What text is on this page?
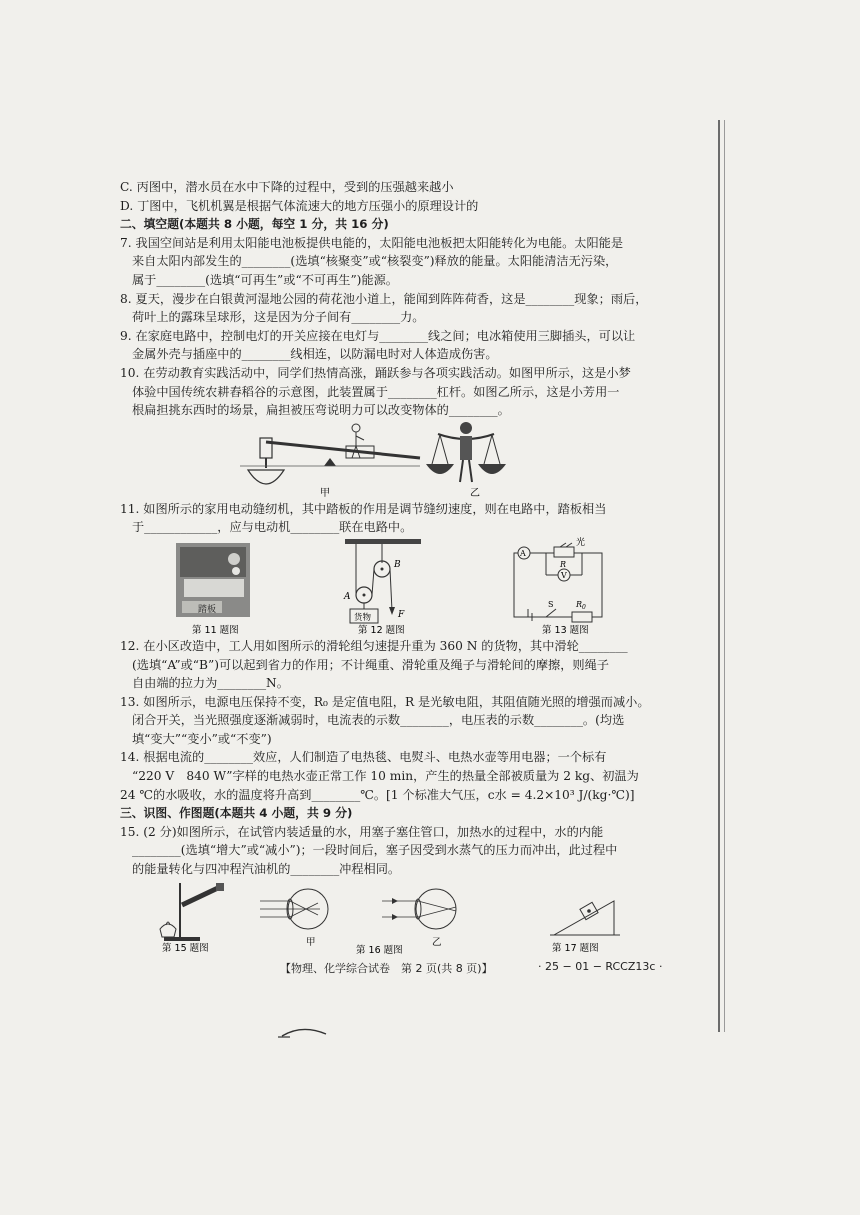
C. 丙图中，潜水员在水中下降的过程中，受到的压强越来越小
D. 丁图中，飞机机翼是根据气体流速大的地方压强小的原理设计的
二、填空题(本题共 8 小题，每空 1 分，共 16 分)
7. 我国空间站是利用太阳能电池板提供电能的，太阳能电池板把太阳能转化为电能。太阳能是
来自太阳内部发生的________(选填“核聚变”或“核裂变”)释放的能量。太阳能清洁无污染，
属于________(选填“可再生”或“不可再生”)能源。
8. 夏天，漫步在白银黄河湿地公园的荷花池小道上，能闻到阵阵荷香，这是________现象；雨后，
荷叶上的露珠呈球形，这是因为分子间有________力。
9. 在家庭电路中，控制电灯的开关应接在电灯与________线之间；电冰箱使用三脚插头，可以让
金属外壳与插座中的________线相连，以防漏电时对人体造成伤害。
10. 在劳动教育实践活动中，同学们热情高涨，踊跃参与各项实践活动。如图甲所示，这是小梦
体验中国传统农耕舂稻谷的示意图，此装置属于________杠杆。如图乙所示，这是小芳用一
根扁担挑东西时的场景，扁担被压弯说明力可以改变物体的________。
甲	乙
11. 如图所示的家用电动缝纫机，其中踏板的作用是调节缝纫速度，则在电路中，踏板相当
于____________，应与电动机________联在电路中。
踏板
第 11 题图
货物
A
B
F
第 12 题图
A
R
光
V
S	$R_0$
第 13 题图
12. 在小区改造中，工人用如图所示的滑轮组匀速提升重为 360 N 的货物，其中滑轮________
(选填“A”或“B”)可以起到省力的作用；不计绳重、滑轮重及绳子与滑轮间的摩擦，则绳子
自由端的拉力为________N。
13. 如图所示，电源电压保持不变，R₀ 是定值电阻，R 是光敏电阻，其阻值随光照的增强而减小。
闭合开关，当光照强度逐渐减弱时，电流表的示数________，电压表的示数________。(均选
填“变大”“变小”或“不变”)
14. 根据电流的________效应，人们制造了电热毯、电熨斗、电热水壶等用电器；一个标有
“220 V　840 W”字样的电热水壶正常工作 10 min，产生的热量全部被质量为 2 kg、初温为
24 ℃的水吸收，水的温度将升高到________℃。[1 个标准大气压，c水 = 4.2×10³ J/(kg·℃)]
三、识图、作图题(本题共 4 小题，共 9 分)
15. (2 分)如图所示，在试管内装适量的水，用塞子塞住管口，加热水的过程中，水的内能
________(选填“增大”或“减小”)；一段时间后，塞子因受到水蒸气的压力而冲出，此过程中
的能量转化与四冲程汽油机的________冲程相同。
第 15 题图
甲	乙
第 16 题图	第 17 题图
【物理、化学综合试卷　第 2 页(共 8 页)】	· 25 − 01 − RCCZ13c ·
